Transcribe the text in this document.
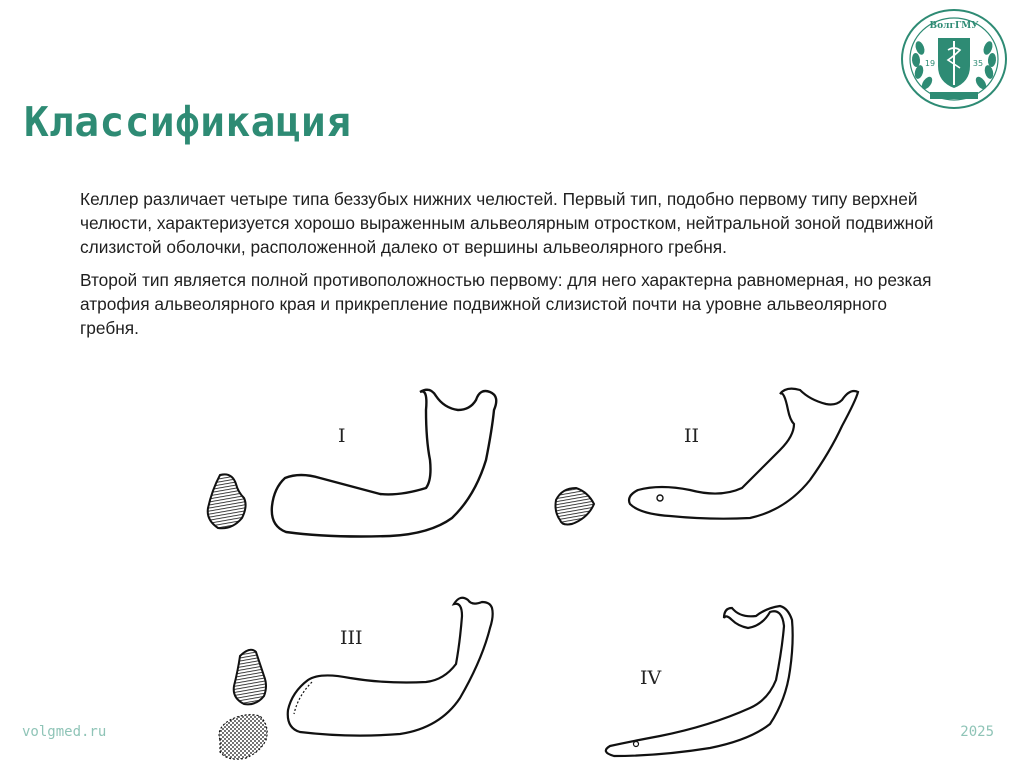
Классификация
ВолгГМУ
19	35

Келлер различает четыре типа беззубых нижних челюстей. Первый тип, подобно первому типу верхней челюсти, характеризуется хорошо выраженным альвеолярным отростком, нейтральной зоной подвижной слизистой оболочки, расположенной далеко от вершины альвеолярного гребня.

Второй тип является полной противоположностью первому: для него характерна равномерная, но резкая атрофия альвеолярного края и прикрепление подвижной слизистой почти на уровне альвеолярного гребня.

I	II
III
IV
volgmed.ru	2025
